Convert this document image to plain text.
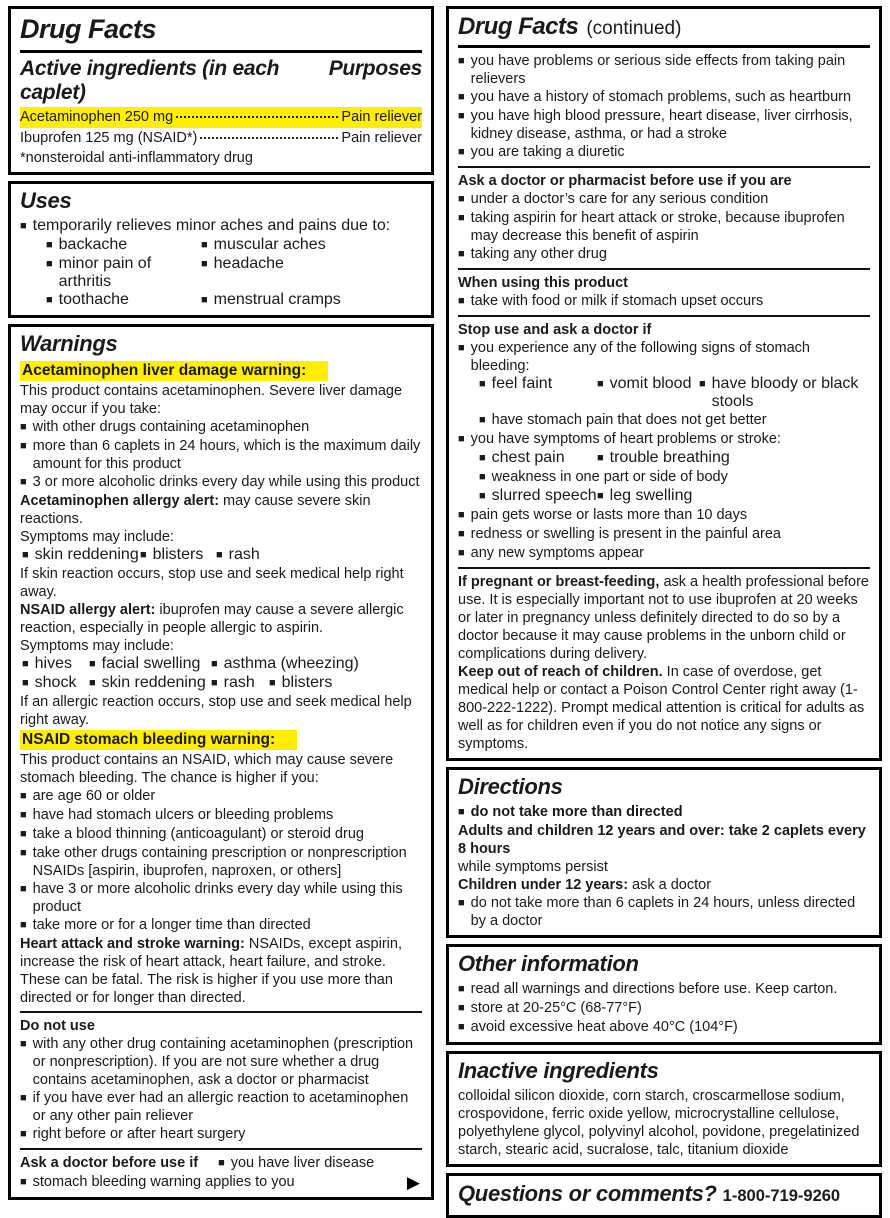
Drug Facts
Active ingredients (in each caplet)
Purposes
Acetaminophen 250 mg	Pain reliever
Ibuprofen 125 mg (NSAID*)	Pain reliever

*nonsteroidal anti-inflammatory drug

Uses
■
temporarily relieves minor aches and pains due to:
■
backache ■	muscular aches
■
minor pain of arthritis
■
headache
■
toothache ■	menstrual cramps
Warnings
Acetaminophen liver damage warning:

This product contains acetaminophen. Severe liver damage may occur if you take:

■
with other drugs containing acetaminophen
■
more than 6 caplets in 24 hours, which is the maximum daily amount for this product
■
3 or more alcoholic drinks every day while using this product

Acetaminophen allergy alert: may cause severe skin reactions.

Symptoms may include:

■
skin reddening ■ blisters ■ rash

If skin reaction occurs, stop use and seek medical help right away.

NSAID allergy alert: ibuprofen may cause a severe allergic reaction, especially in people allergic to aspirin.

Symptoms may include:

■
hives ■ facial swelling ■ asthma (wheezing)
■
shock ■ skin reddening ■ rash ■ blisters

If an allergic reaction occurs, stop use and seek medical help right away.

NSAID stomach bleeding warning:

This product contains an NSAID, which may cause severe stomach bleeding. The chance is higher if you:

■
are age 60 or older
■
have had stomach ulcers or bleeding problems
■
take a blood thinning (anticoagulant) or steroid drug
■
take other drugs containing prescription or nonprescription NSAIDs [aspirin, ibuprofen, naproxen, or others]
■
have 3 or more alcoholic drinks every day while using this product
■
take more or for a longer time than directed

Heart attack and stroke warning: NSAIDs, except aspirin, increase the risk of heart attack, heart failure, and stroke. These can be fatal. The risk is higher if you use more than directed or for longer than directed.

Do not use

■
with any other drug containing acetaminophen (prescription or nonprescription). If you are not sure whether a drug contains acetaminophen, ask a doctor or pharmacist
■
if you have ever had an allergic reaction to acetaminophen or any other pain reliever
■
right before or after heart surgery
Ask a doctor before use if ■ you have liver disease
■
stomach bleeding warning applies to you	▶
Drug Facts (continued)
■
you have problems or serious side effects from taking pain relievers
■
you have a history of stomach problems, such as heartburn
■
you have high blood pressure, heart disease, liver cirrhosis, kidney disease, asthma, or had a stroke
■
you are taking a diuretic

Ask a doctor or pharmacist before use if you are

■
under a doctor’s care for any serious condition
■
taking aspirin for heart attack or stroke, because ibuprofen may decrease this benefit of aspirin
■
taking any other drug

When using this product

■
take with food or milk if stomach upset occurs

Stop use and ask a doctor if

■
you experience any of the following signs of stomach bleeding:
■
feel faint ■	vomit blood ■ have bloody or black stools
■
have stomach pain that does not get better
■
you have symptoms of heart problems or stroke:
■
chest pain ■	trouble breathing
■
weakness in one part or side of body
■
slurred speech ■ leg swelling
■
pain gets worse or lasts more than 10 days
■
redness or swelling is present in the painful area
■
any new symptoms appear

If pregnant or breast-feeding, ask a health professional before use. It is especially important not to use ibuprofen at 20 weeks or later in pregnancy unless definitely directed to do so by a doctor because it may cause problems in the unborn child or complications during delivery.

Keep out of reach of children. In case of overdose, get medical help or contact a Poison Control Center right away (1-800-222-1222). Prompt medical attention is critical for adults as well as for children even if you do not notice any signs or symptoms.

Directions
■
do not take more than directed

Adults and children 12 years and over: take 2 caplets every 8 hours

while symptoms persist

Children under 12 years: ask a doctor

■
do not take more than 6 caplets in 24 hours, unless directed by a doctor
Other information
■
read all warnings and directions before use. Keep carton.
■
store at 20-25°C (68-77°F)
■
avoid excessive heat above 40°C (104°F)
Inactive ingredients

colloidal silicon dioxide, corn starch, croscarmellose sodium, crospovidone, ferric oxide yellow, microcrystalline cellulose, polyethylene glycol, polyvinyl alcohol, povidone, pregelatinized starch, stearic acid, sucralose, talc, titanium dioxide

Questions or comments? 1-800-719-9260
